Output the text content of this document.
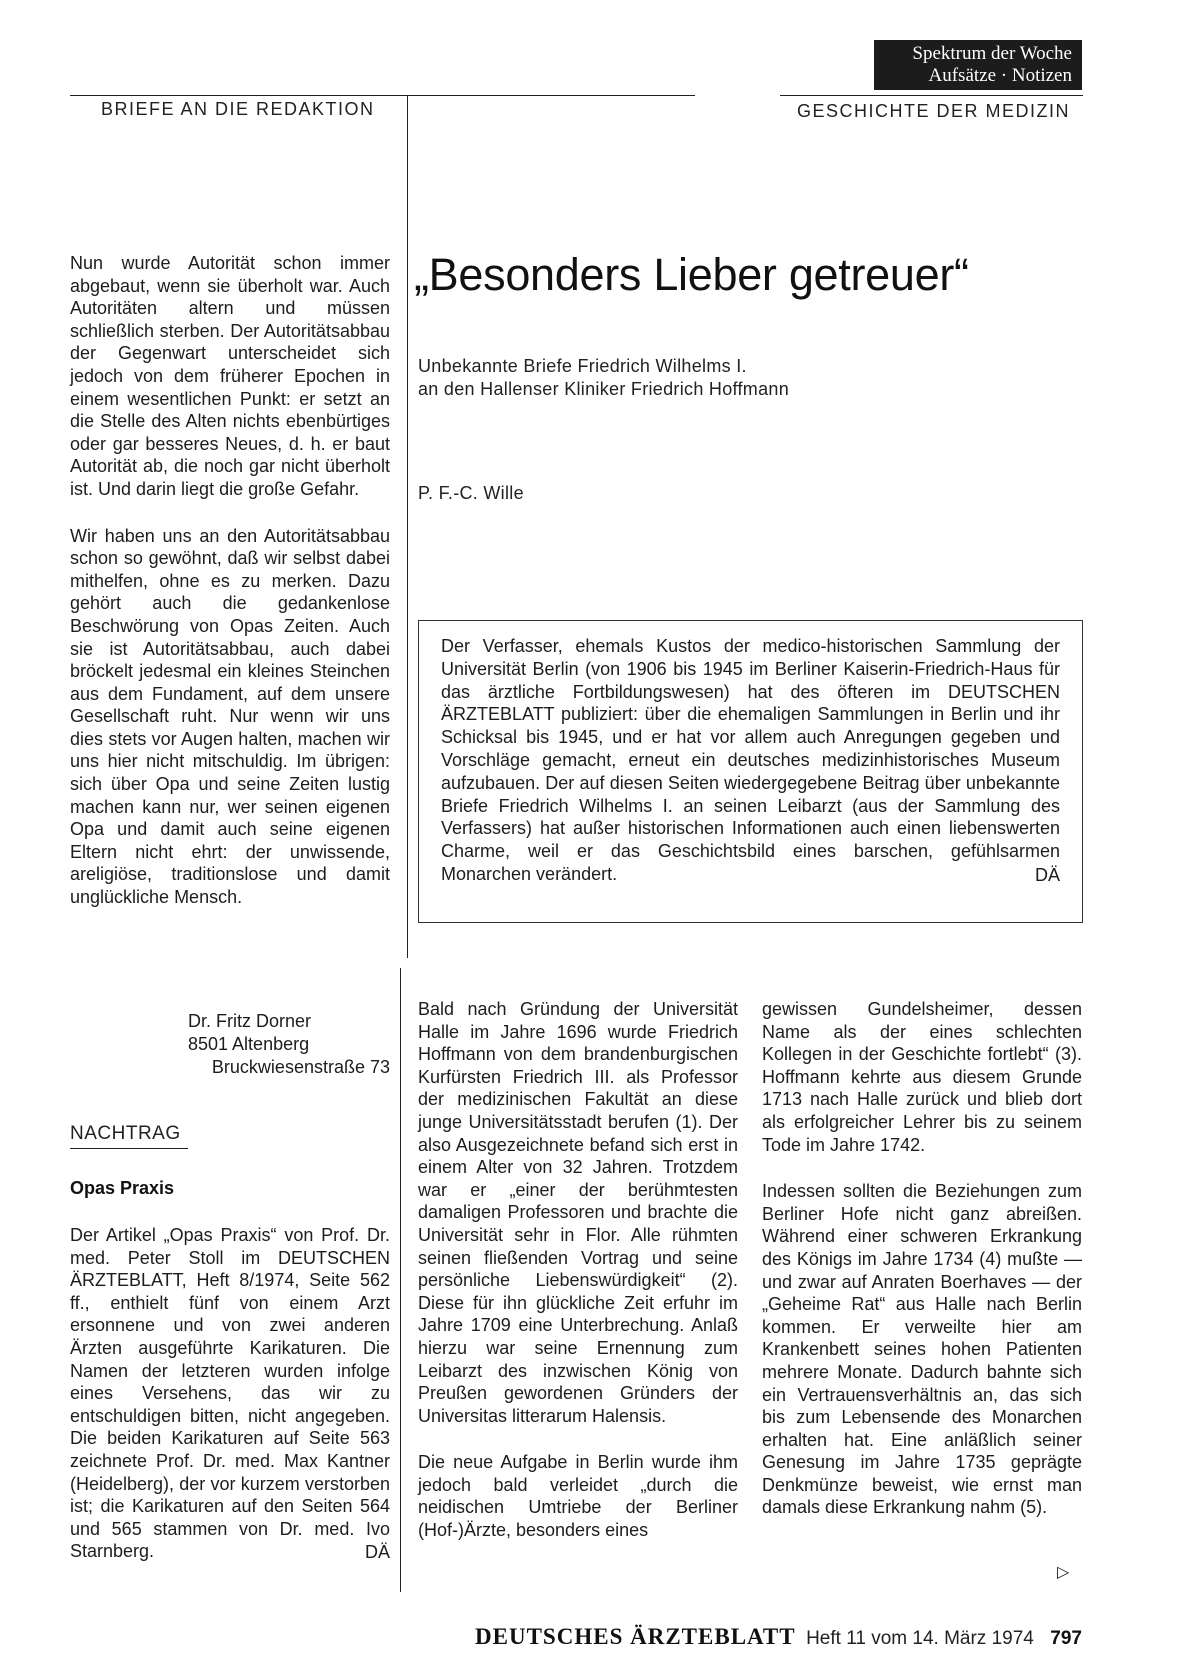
Spektrum der Woche
Aufsätze · Notizen
BRIEFE AN DIE REDAKTION	GESCHICHTE DER MEDIZIN

Nun wurde Autorität schon immer abgebaut, wenn sie überholt war. Auch Autoritäten altern und müssen schließlich sterben. Der Autoritätsabbau der Gegenwart unterscheidet sich jedoch von dem früherer Epochen in einem wesentlichen Punkt: er setzt an die Stelle des Alten nichts ebenbürtiges oder gar besseres Neues, d. h. er baut Autorität ab, die noch gar nicht überholt ist. Und darin liegt die große Gefahr.

Wir haben uns an den Autoritätsabbau schon so gewöhnt, daß wir selbst dabei mithelfen, ohne es zu merken. Dazu gehört auch die gedankenlose Beschwörung von Opas Zeiten. Auch sie ist Autoritätsabbau, auch dabei bröckelt jedesmal ein kleines Steinchen aus dem Fundament, auf dem unsere Gesellschaft ruht. Nur wenn wir uns dies stets vor Augen halten, machen wir uns hier nicht mitschuldig. Im übrigen: sich über Opa und seine Zeiten lustig machen kann nur, wer seinen eigenen Opa und damit auch seine eigenen Eltern nicht ehrt: der unwissende, areligiöse, traditionslose und damit unglückliche Mensch.

Dr. Fritz Dorner
8501 Altenberg
Bruckwiesenstraße 73
NACHTRAG
Opas Praxis

Der Artikel „Opas Praxis“ von Prof. Dr. med. Peter Stoll im DEUTSCHEN ÄRZTEBLATT, Heft 8/1974, Seite 562 ff., enthielt fünf von einem Arzt ersonnene und von zwei anderen Ärzten ausgeführte Karikaturen. Die Namen der letzteren wurden infolge eines Versehens, das wir zu entschuldigen bitten, nicht angegeben. Die beiden Karikaturen auf Seite 563 zeichnete Prof. Dr. med. Max Kantner (Heidelberg), der vor kurzem verstorben ist; die Karikaturen auf den Seiten 564 und 565 stammen von Dr. med. Ivo Starnberg.	DÄ
„Besonders Lieber getreuer“
Unbekannte Briefe Friedrich Wilhelms I.
an den Hallenser Kliniker Friedrich Hoffmann
P. F.-C. Wille

Der Verfasser, ehemals Kustos der medico-historischen Sammlung der Universität Berlin (von 1906 bis 1945 im Berliner Kaiserin-Friedrich-Haus für das ärztliche Fortbildungswesen) hat des öfteren im DEUTSCHEN ÄRZTEBLATT publiziert: über die ehemaligen Sammlungen in Berlin und ihr Schicksal bis 1945, und er hat vor allem auch Anregungen gegeben und Vorschläge gemacht, erneut ein deutsches medizinhistorisches Museum aufzubauen. Der auf diesen Seiten wiedergegebene Beitrag über unbekannte Briefe Friedrich Wilhelms I. an seinen Leibarzt (aus der Sammlung des Verfassers) hat außer historischen Informationen auch einen liebenswerten Charme, weil er das Geschichtsbild eines barschen, gefühlsarmen Monarchen verändert.	DÄ

Bald nach Gründung der Universität Halle im Jahre 1696 wurde Friedrich Hoffmann von dem brandenburgischen Kurfürsten Friedrich III. als Professor der medizinischen Fakultät an diese junge Universitätsstadt berufen (1). Der also Ausgezeichnete befand sich erst in einem Alter von 32 Jahren. Trotzdem war er „einer der berühmtesten damaligen Professoren und brachte die Universität sehr in Flor. Alle rühmten seinen fließenden Vortrag und seine persönliche Liebenswürdigkeit“ (2). Diese für ihn glückliche Zeit erfuhr im Jahre 1709 eine Unterbrechung. Anlaß hierzu war seine Ernennung zum Leibarzt des inzwischen König von Preußen gewordenen Gründers der Universitas litterarum Halensis.

Die neue Aufgabe in Berlin wurde ihm jedoch bald verleidet „durch die neidischen Umtriebe der Berliner (Hof-)Ärzte, besonders eines

gewissen Gundelsheimer, dessen Name als der eines schlechten Kollegen in der Geschichte fortlebt“ (3). Hoffmann kehrte aus diesem Grunde 1713 nach Halle zurück und blieb dort als erfolgreicher Lehrer bis zu seinem Tode im Jahre 1742.

Indessen sollten die Beziehungen zum Berliner Hofe nicht ganz abreißen. Während einer schweren Erkrankung des Königs im Jahre 1734 (4) mußte — und zwar auf Anraten Boerhaves — der „Geheime Rat“ aus Halle nach Berlin kommen. Er verweilte hier am Krankenbett seines hohen Patienten mehrere Monate. Dadurch bahnte sich ein Vertrauensverhältnis an, das sich bis zum Lebensende des Monarchen erhalten hat. Eine anläßlich seiner Genesung im Jahre 1735 geprägte Denkmünze beweist, wie ernst man damals diese Erkrankung nahm (5).

▷
DEUTSCHES ÄRZTEBLATT Heft 11 vom 14. März 1974 797
